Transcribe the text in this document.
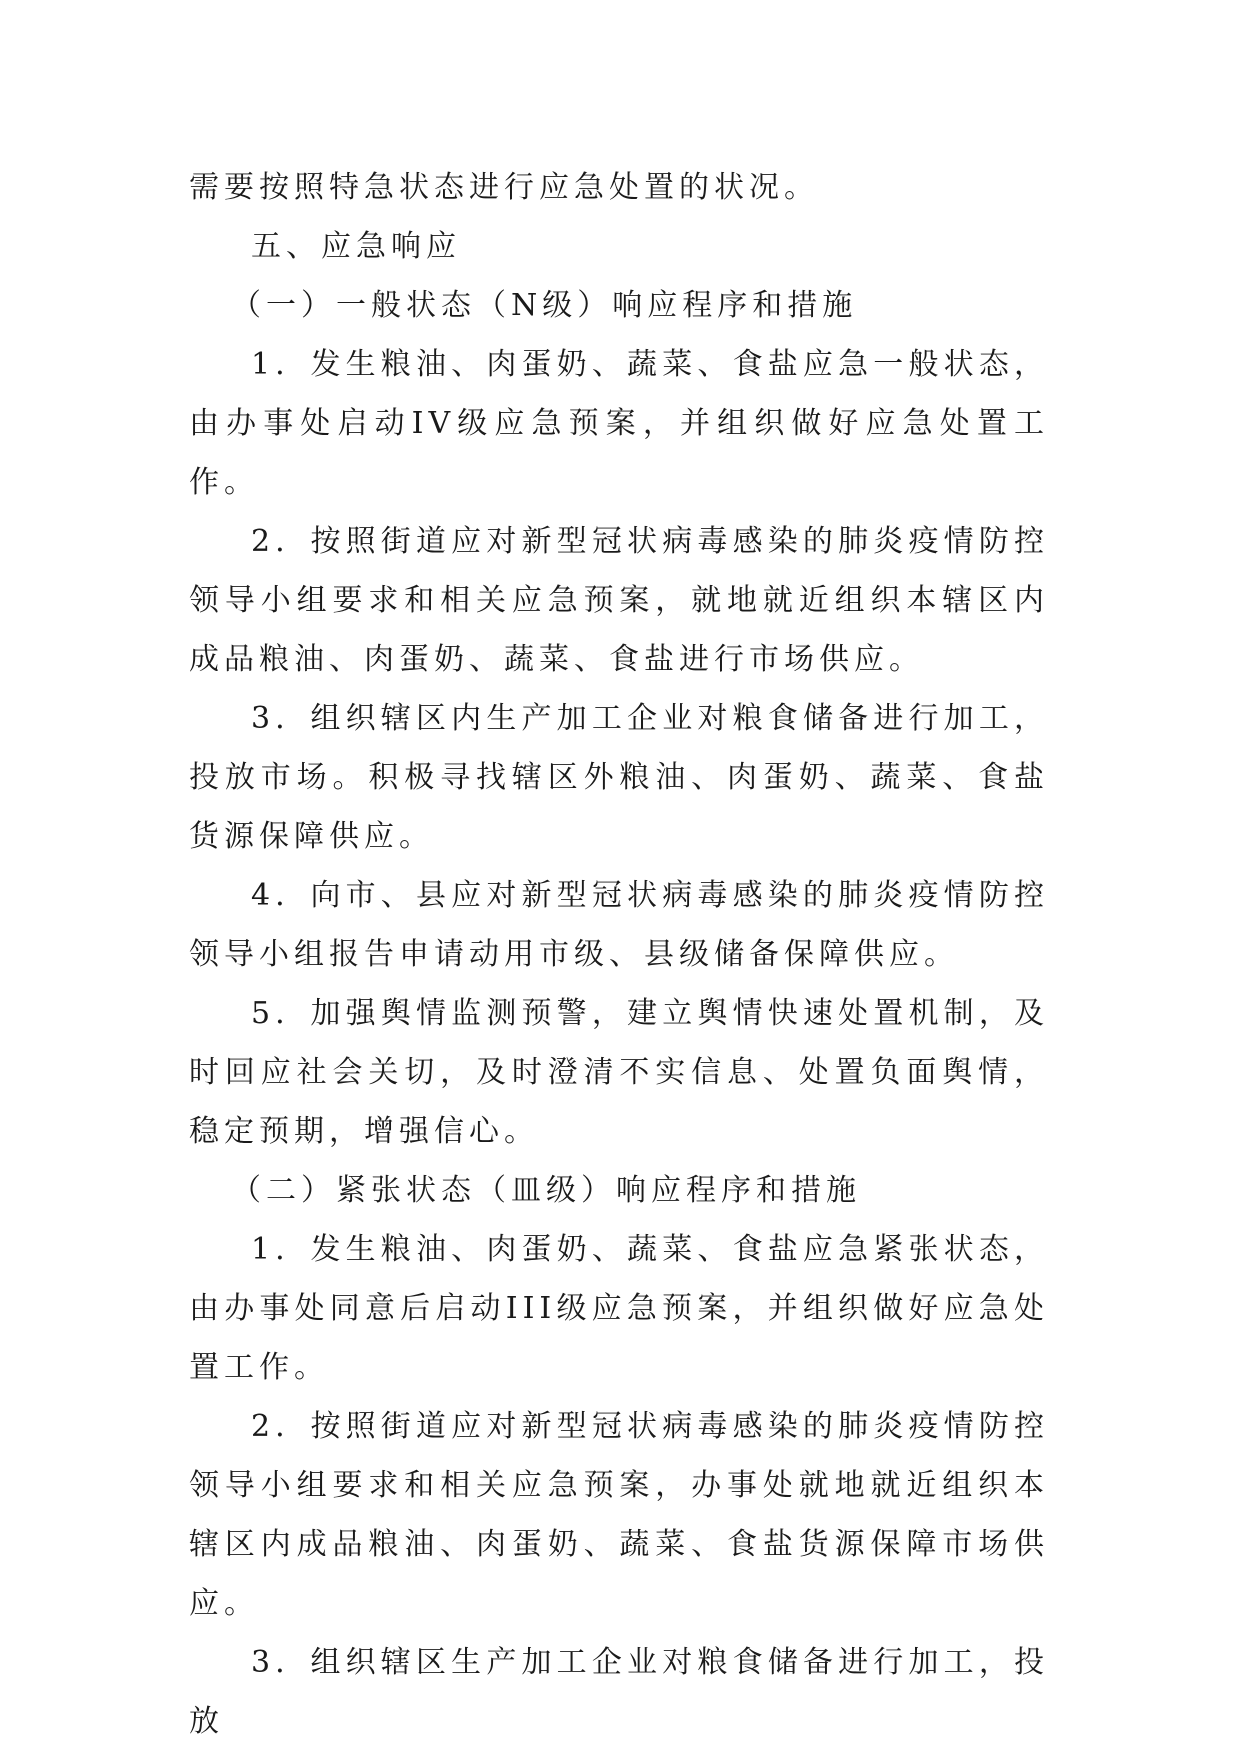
需要按照特急状态进行应急处置的状况。

五、应急响应

（一）一般状态（N级）响应程序和措施

1．发生粮油、肉蛋奶、蔬菜、食盐应急一般状态，由办事处启动IV级应急预案，并组织做好应急处置工作。

2．按照街道应对新型冠状病毒感染的肺炎疫情防控领导小组要求和相关应急预案，就地就近组织本辖区内成品粮油、肉蛋奶、蔬菜、食盐进行市场供应。

3．组织辖区内生产加工企业对粮食储备进行加工，投放市场。积极寻找辖区外粮油、肉蛋奶、蔬菜、食盐货源保障供应。

4．向市、县应对新型冠状病毒感染的肺炎疫情防控领导小组报告申请动用市级、县级储备保障供应。

5．加强舆情监测预警，建立舆情快速处置机制，及时回应社会关切，及时澄清不实信息、处置负面舆情，稳定预期，增强信心。

（二）紧张状态（皿级）响应程序和措施

1．发生粮油、肉蛋奶、蔬菜、食盐应急紧张状态，由办事处同意后启动III级应急预案，并组织做好应急处置工作。

2．按照街道应对新型冠状病毒感染的肺炎疫情防控领导小组要求和相关应急预案，办事处就地就近组织本辖区内成品粮油、肉蛋奶、蔬菜、食盐货源保障市场供应。

3．组织辖区生产加工企业对粮食储备进行加工，投放
